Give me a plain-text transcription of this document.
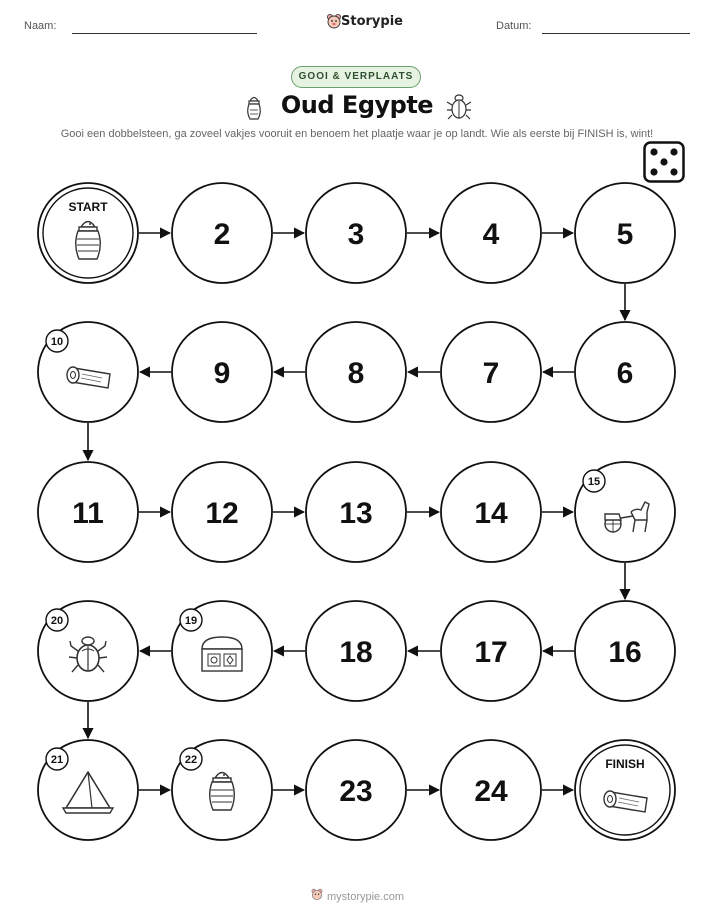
Naam:	Storypie	Datum:
GOOI & VERPLAATS
Oud Egypte
Gooi een dobbelsteen, ga zoveel vakjes vooruit en benoem het plaatje waar je op landt. Wie als eerste bij FINISH is, wint!
START
2	3	4	5
6
7
8
9
10
11	12	13	14
15
16
17
18
19
20
21	22
23	24
FINISH
mystorypie.com
